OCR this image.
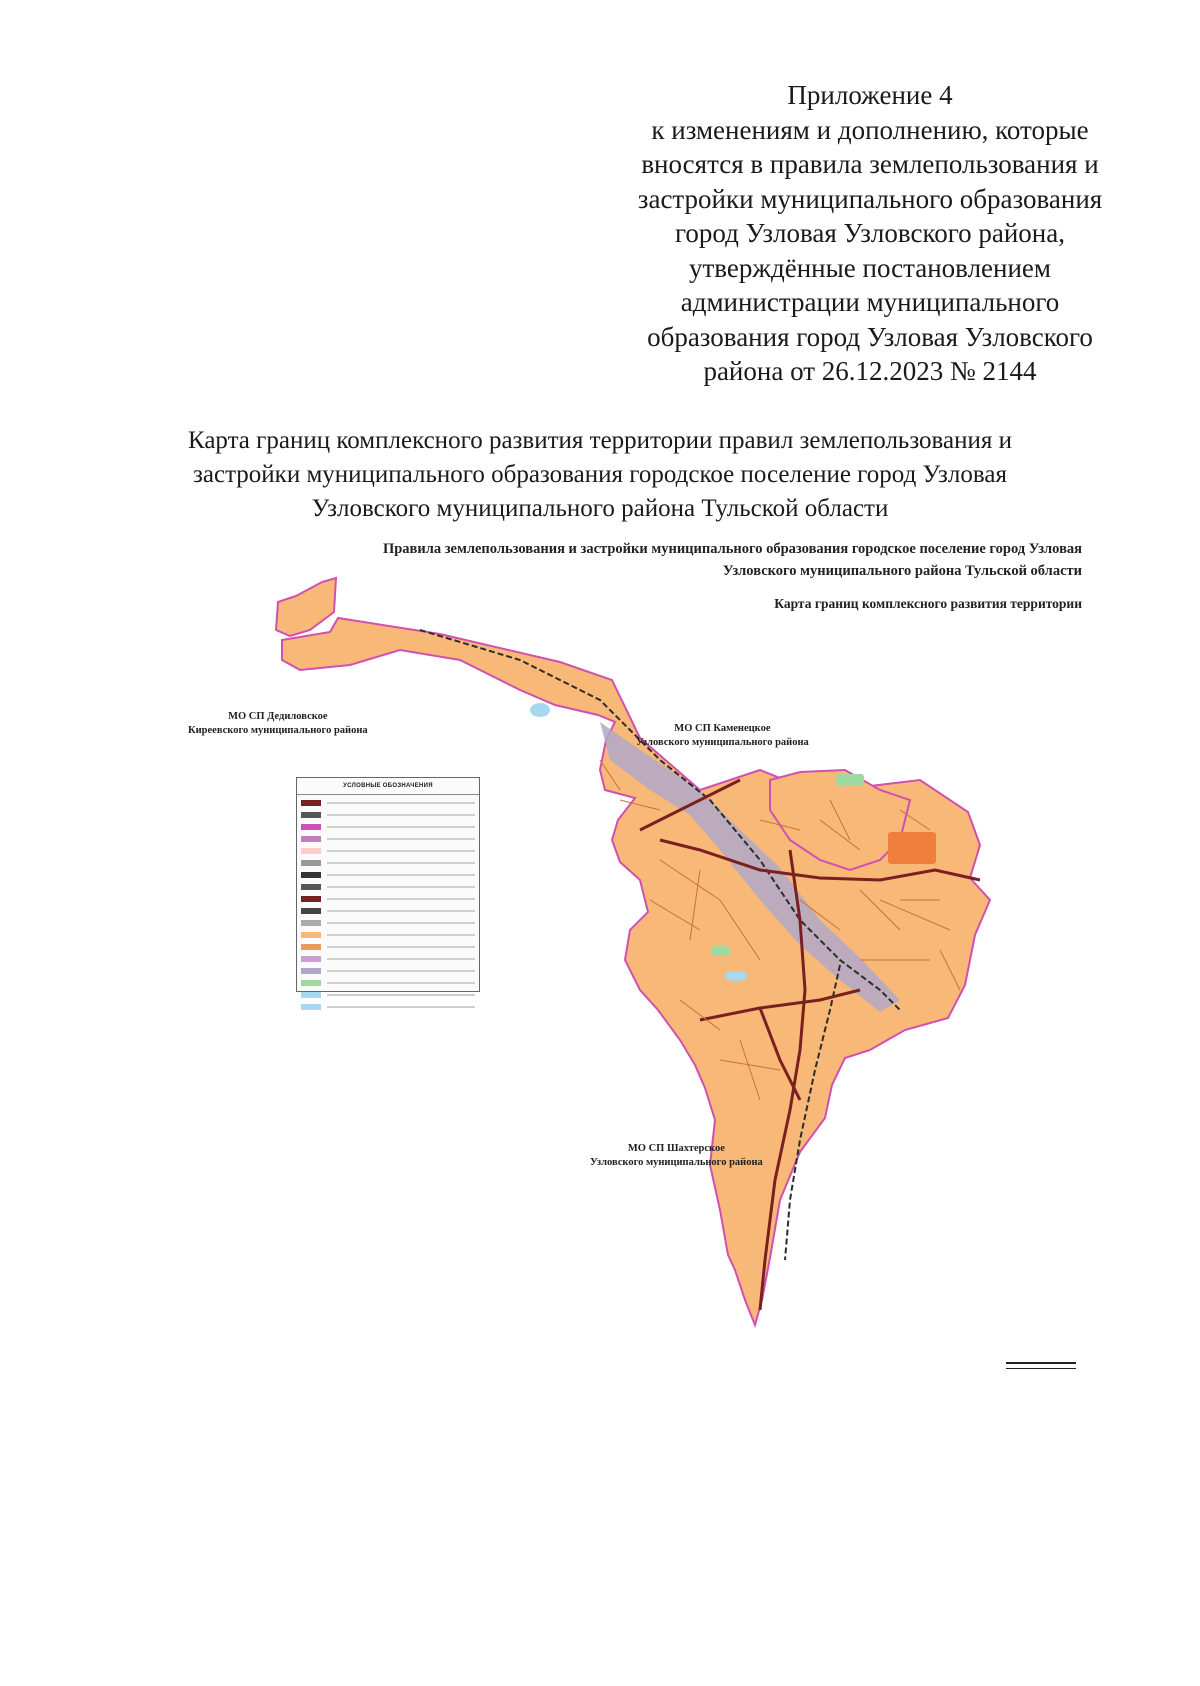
Приложение 4
к изменениям и дополнению, которые
вносятся в правила землепользования и
застройки муниципального образования
город Узловая Узловского района,
утверждённые постановлением
администрации муниципального
образования город Узловая Узловского
района от 26.12.2023 № 2144
Карта границ комплексного развития территории правил землепользования и
застройки муниципального образования городское поселение город Узловая
Узловского муниципального района Тульской области
Правила землепользования и застройки муниципального образования городское поселение город Узловая
Узловского муниципального района Тульской области
Карта границ комплексного развития территории
МО СП Дедиловское
Киреевского муниципального района	МО СП Каменецкое
Узловского муниципального района
МО СП Шахтерское
Узловского муниципального района
УСЛОВНЫЕ ОБОЗНАЧЕНИЯ
